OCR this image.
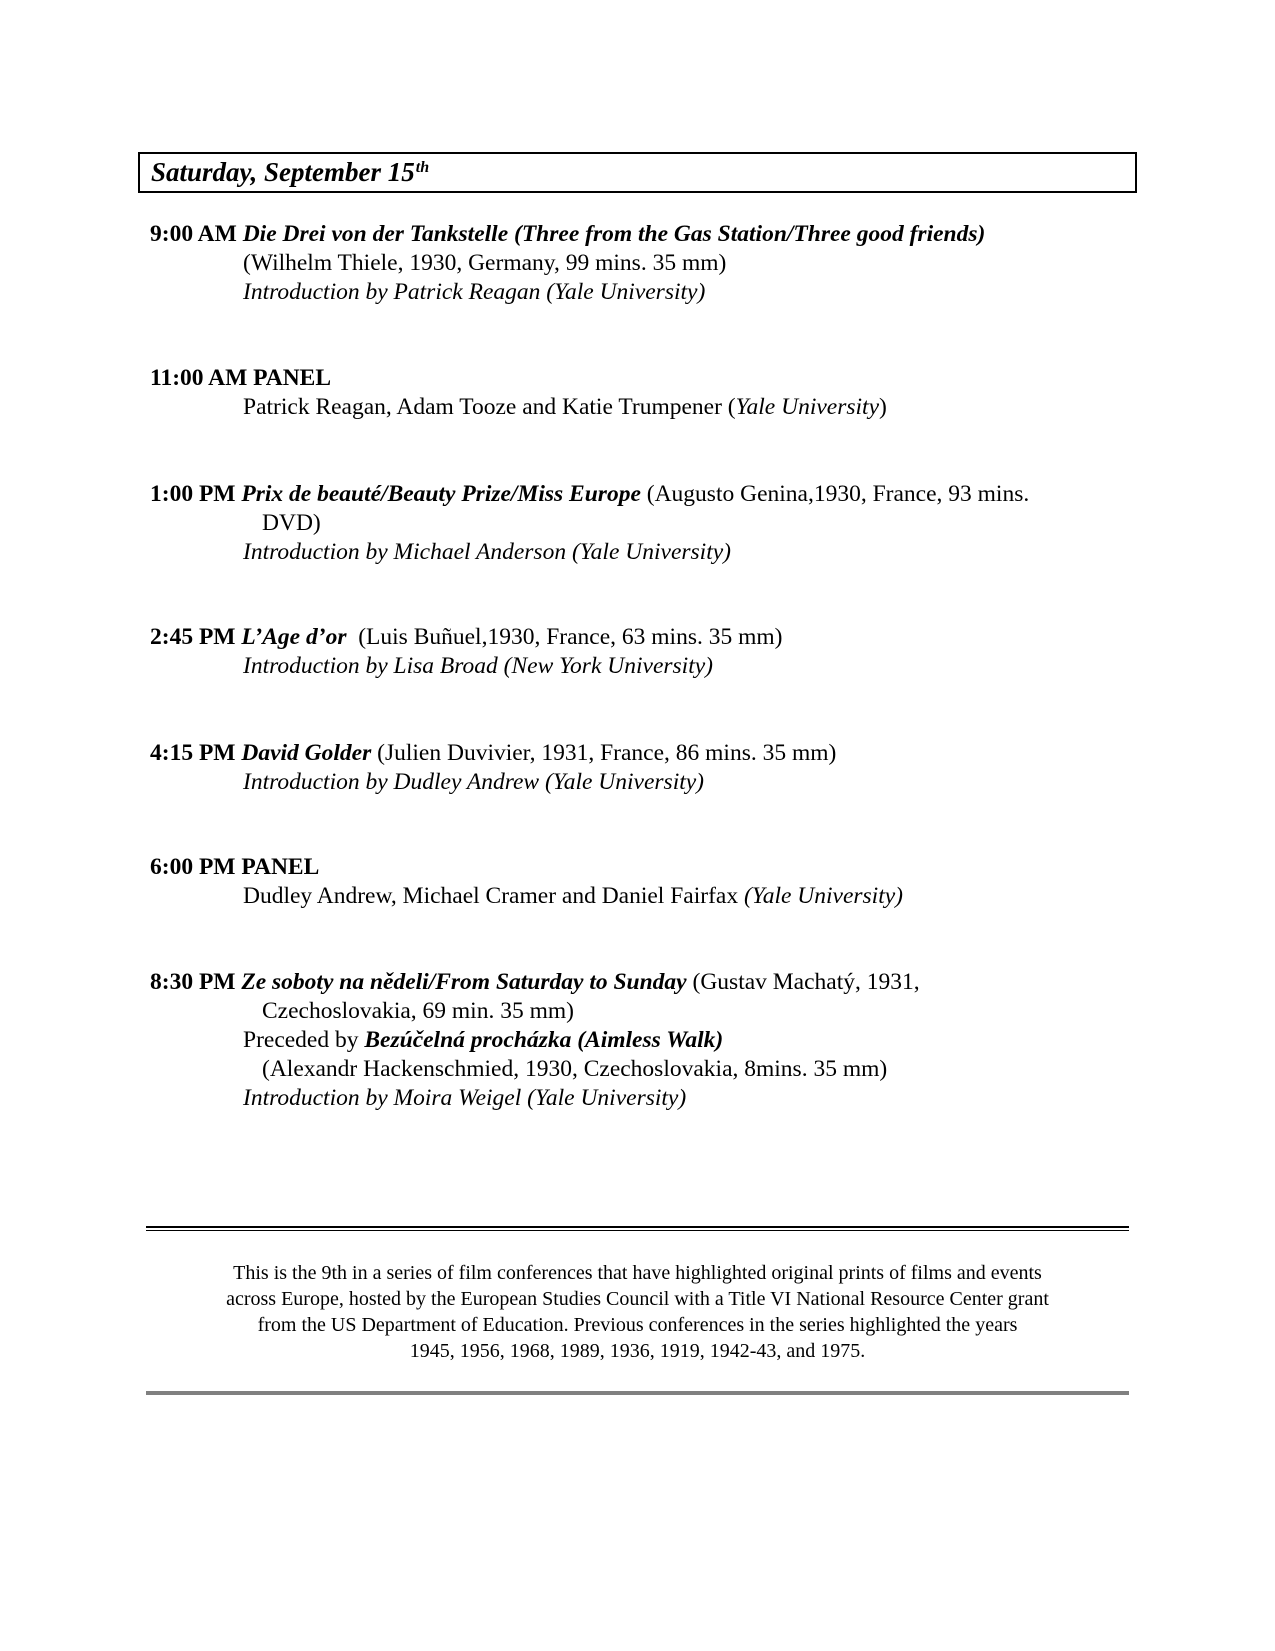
Saturday, September 15th
9:00 AM Die Drei von der Tankstelle (Three from the Gas Station/Three good friends)
(Wilhelm Thiele, 1930, Germany, 99 mins. 35 mm)
Introduction by Patrick Reagan (Yale University)
11:00 AM PANEL
Patrick Reagan, Adam Tooze and Katie Trumpener (Yale University)
1:00 PM Prix de beauté/Beauty Prize/Miss Europe (Augusto Genina,1930, France, 93 mins.
DVD)
Introduction by Michael Anderson (Yale University)
2:45 PM L’Age d’or (Luis Buñuel,1930, France, 63 mins. 35 mm)
Introduction by Lisa Broad (New York University)
4:15 PM David Golder (Julien Duvivier, 1931, France, 86 mins. 35 mm)
Introduction by Dudley Andrew (Yale University)
6:00 PM PANEL
Dudley Andrew, Michael Cramer and Daniel Fairfax (Yale University)
8:30 PM Ze soboty na nědeli/From Saturday to Sunday (Gustav Machatý, 1931,
Czechoslovakia, 69 min. 35 mm)
Preceded by Bezúčelná procházka (Aimless Walk)
(Alexandr Hackenschmied, 1930, Czechoslovakia, 8mins. 35 mm)
Introduction by Moira Weigel (Yale University)
This is the 9th in a series of film conferences that have highlighted original prints of films and events
across Europe, hosted by the European Studies Council with a Title VI National Resource Center grant
from the US Department of Education. Previous conferences in the series highlighted the years
1945, 1956, 1968, 1989, 1936, 1919, 1942-43, and 1975.
